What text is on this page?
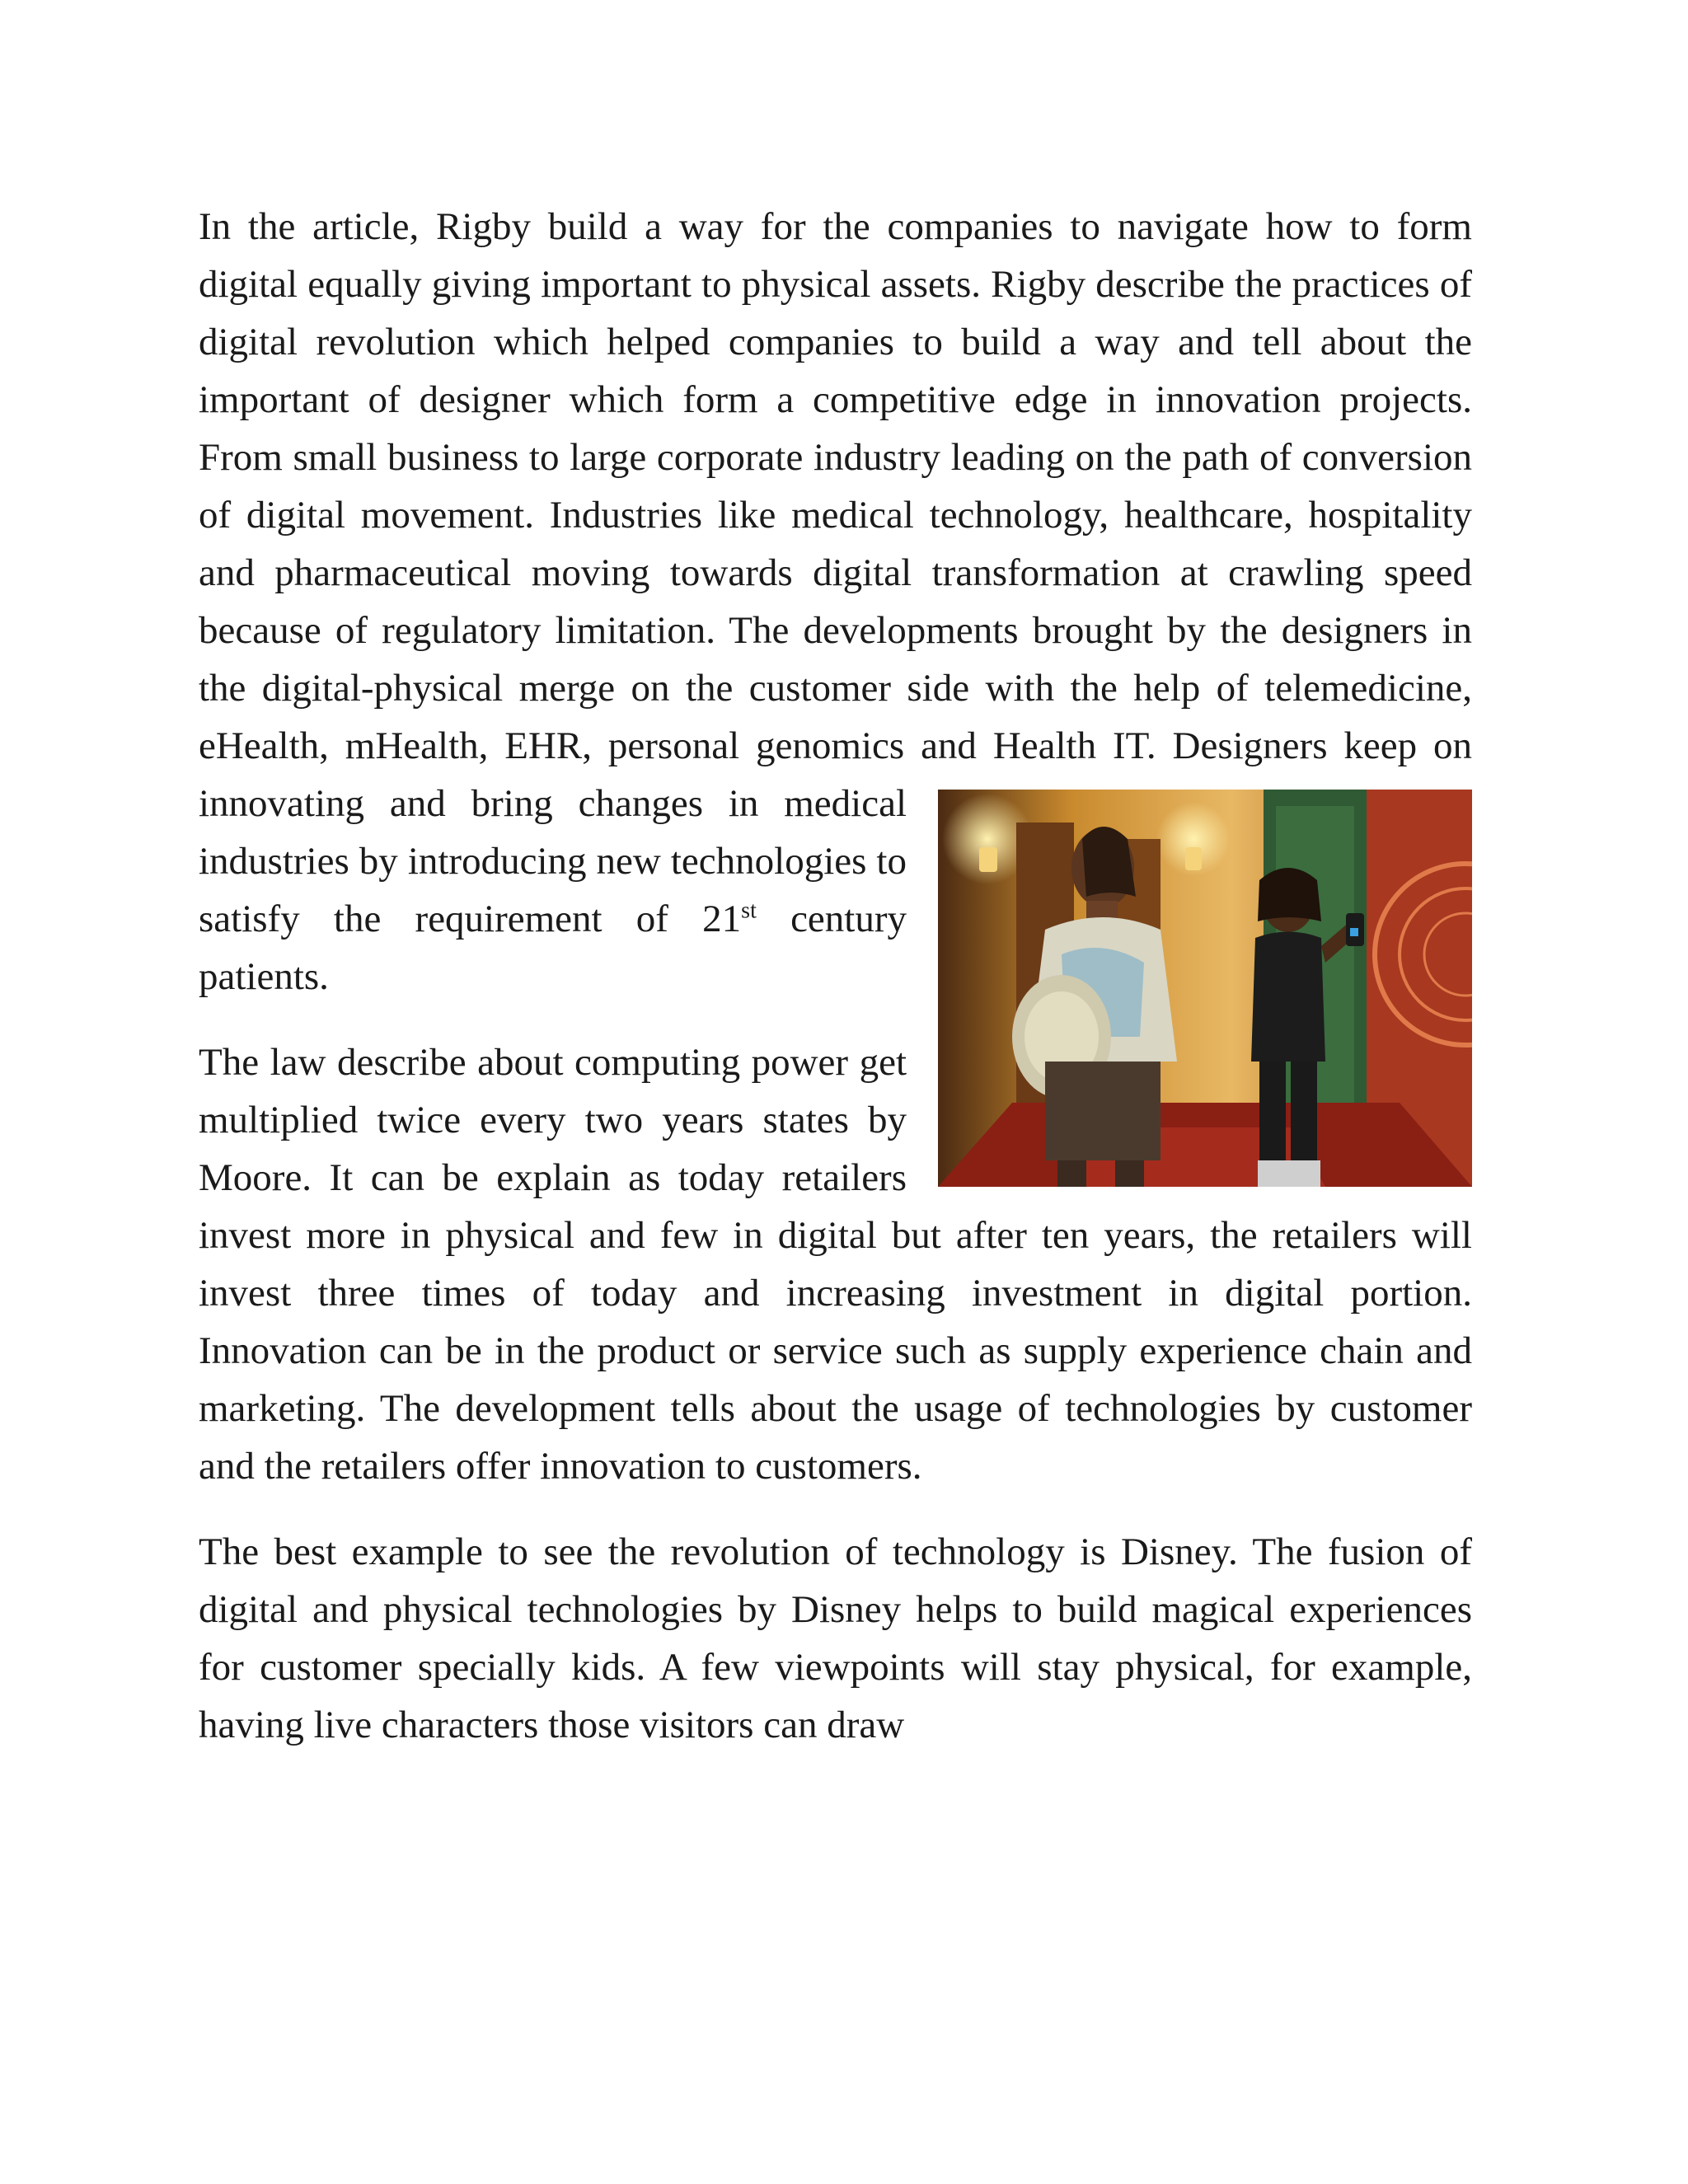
In the article, Rigby build a way for the companies to navigate how to form digital equally giving important to physical assets. Rigby describe the practices of digital revolution which helped companies to build a way and tell about the important of designer which form a competitive edge in innovation projects. From small business to large corporate industry leading on the path of conversion of digital movement. Industries like medical technology, healthcare, hospitality and pharmaceutical moving towards digital transformation at crawling speed because of regulatory limitation. The developments brought by the designers in the digital-physical merge on the customer side with the help of telemedicine, eHealth, mHealth, EHR, personal genomics and
Health IT. Designers keep on innovating and bring changes in medical industries by introducing new technologies to satisfy the requirement of 21st century patients.

The law describe about computing power get multiplied twice every two years states by Moore. It can be explain as today retailers invest more in physical and few in digital but after ten years, the retailers will invest three times of today and increasing investment in digital portion. Innovation can be in the product or service such as supply experience chain and marketing. The development tells about the usage of technologies by customer and the retailers offer innovation to customers.

The best example to see the revolution of technology is Disney. The fusion of digital and physical technologies by Disney helps to build magical experiences for customer specially kids. A few viewpoints will stay physical, for example, having live characters those visitors can draw
